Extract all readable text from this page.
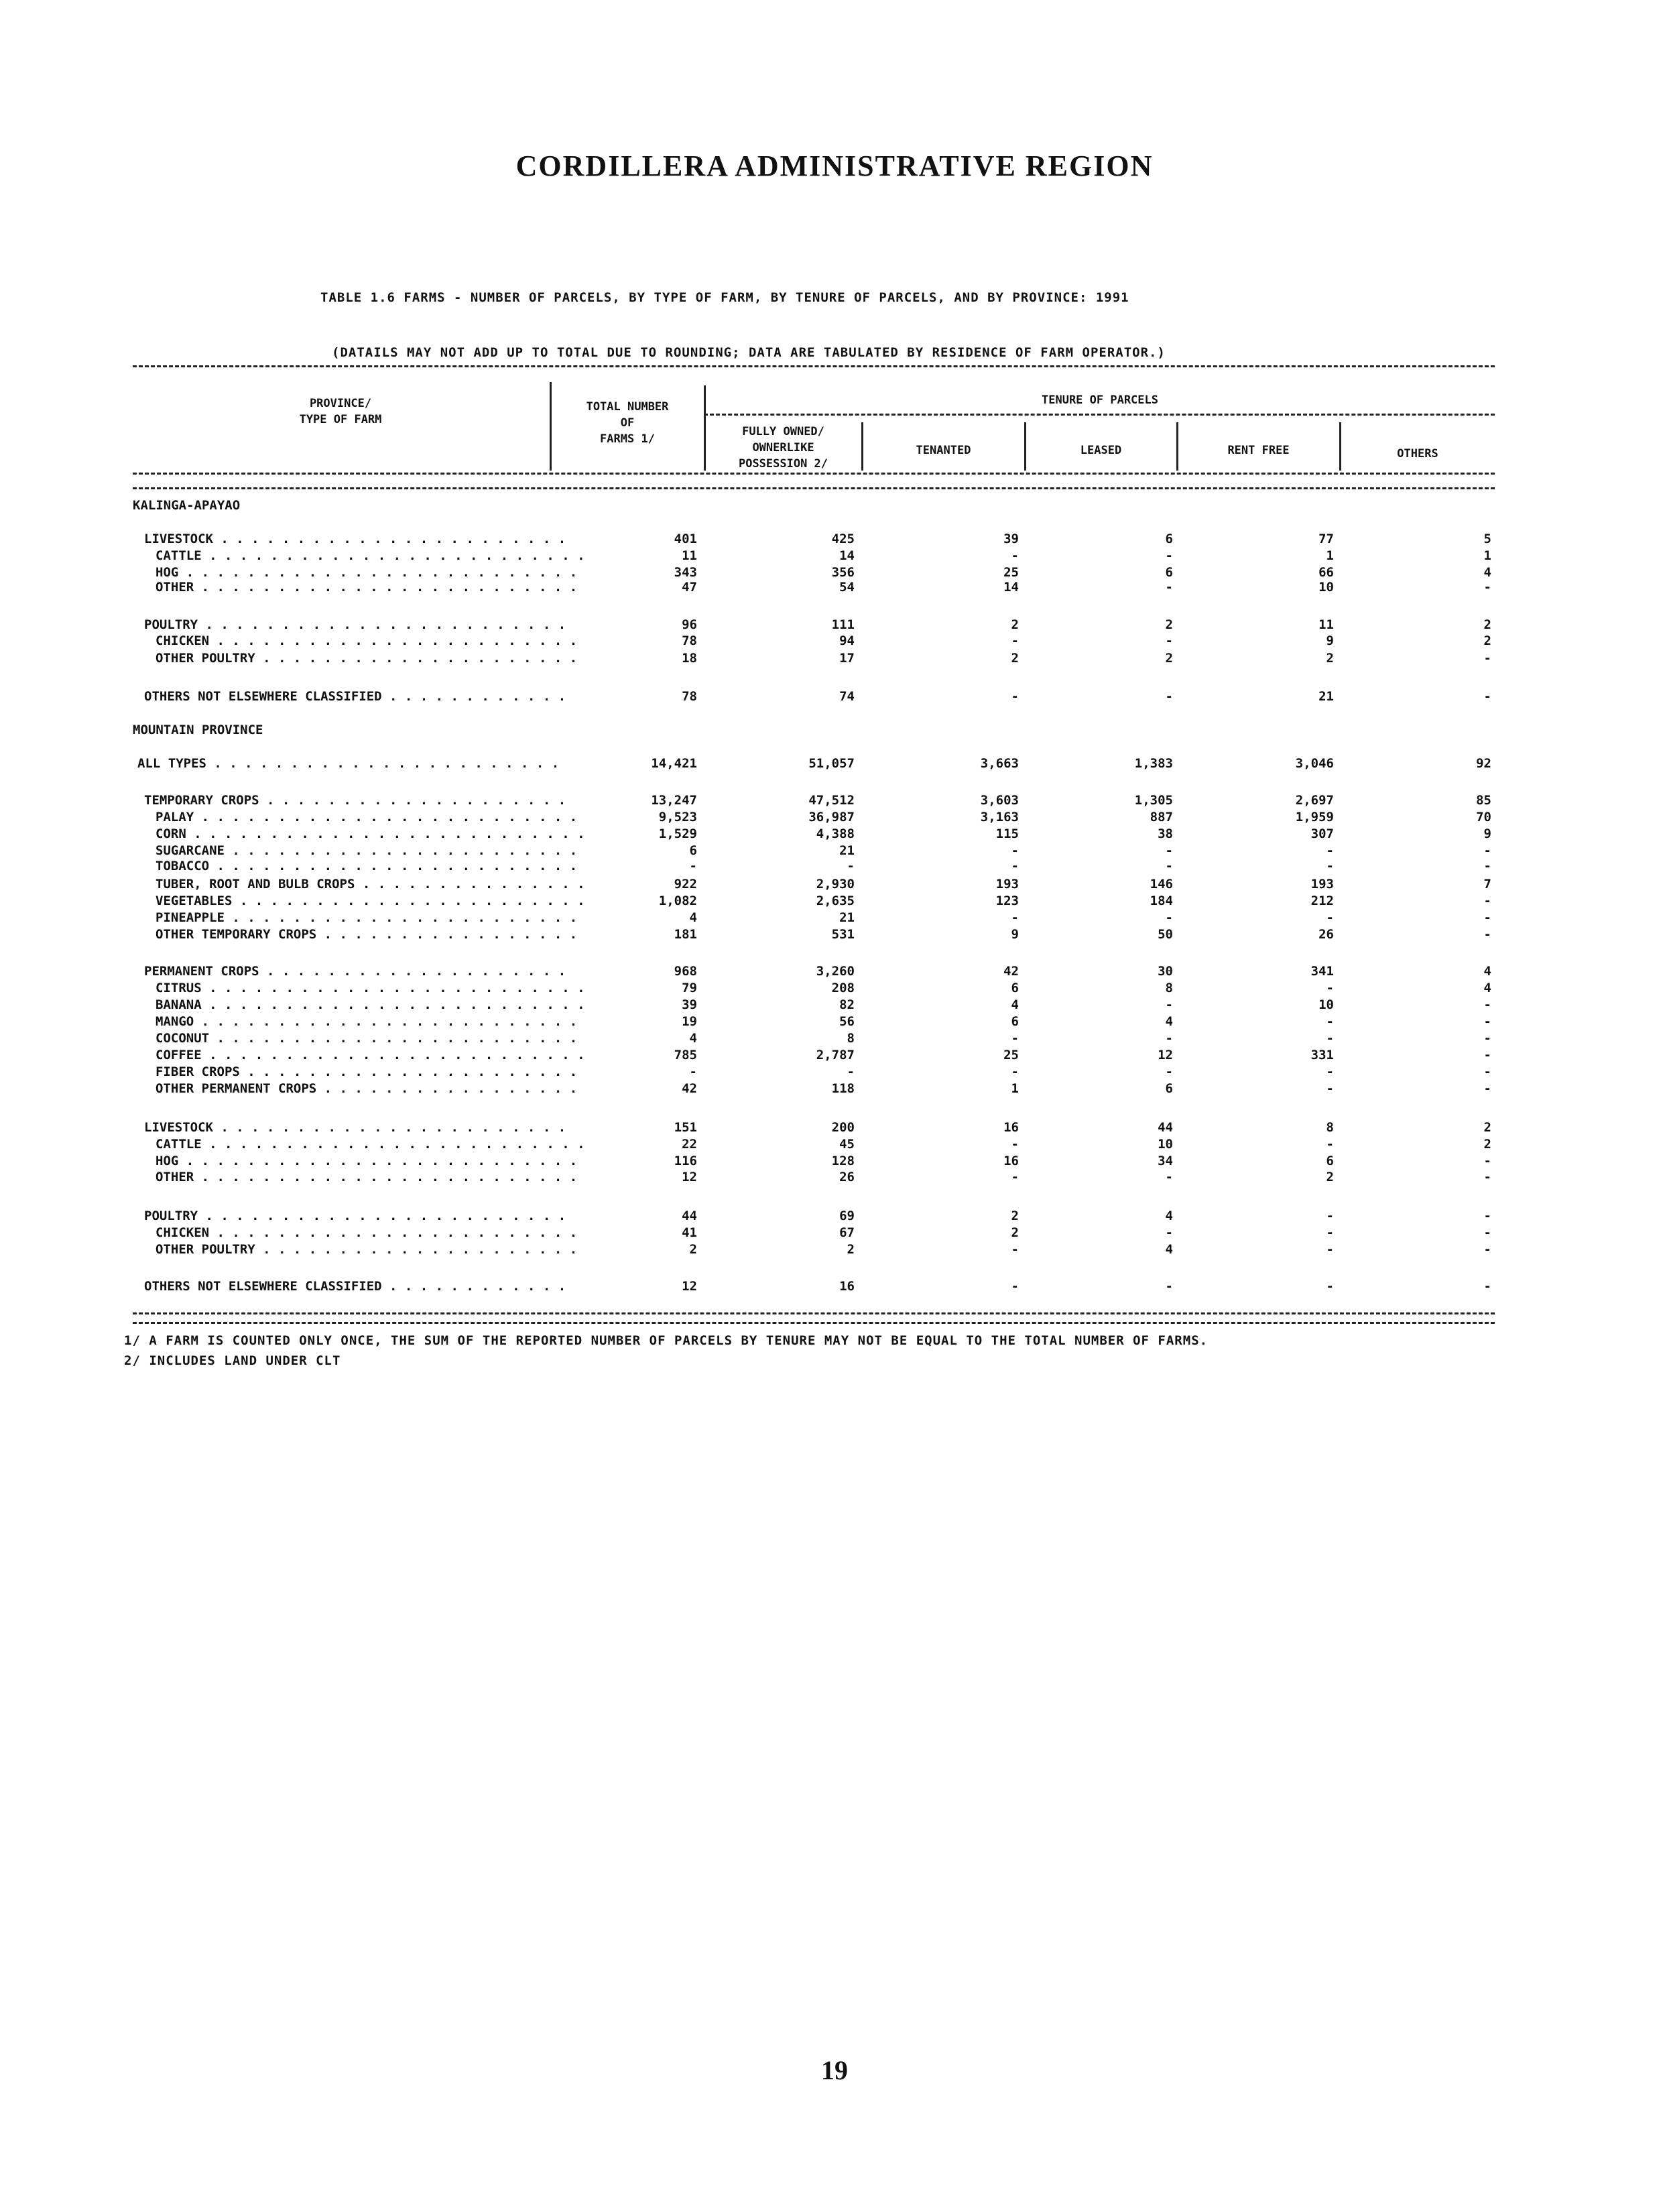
CORDILLERA ADMINISTRATIVE REGION
TABLE 1.6 FARMS - NUMBER OF PARCELS, BY TYPE OF FARM, BY TENURE OF PARCELS, AND BY PROVINCE: 1991
(DATAILS MAY NOT ADD UP TO TOTAL DUE TO ROUNDING; DATA ARE TABULATED BY RESIDENCE OF FARM OPERATOR.)
PROVINCE/
TYPE OF FARM
TOTAL NUMBER
OF
FARMS 1/
TENURE OF PARCELS
FULLY OWNED/
OWNERLIKE
POSSESSION 2/
TENANTED	LEASED	RENT FREE	OTHERS
KALINGA-APAYAO
LIVESTOCK . . .	401	425	39	6	77	5
CATTLE . . .	11	14	-	-	1	1
HOG . . .	343	356	25	6	66	4
OTHER . . .	47	54	14	-	10	-
POULTRY . . .	96	111	2	2	11	2
CHICKEN . . .	78	94	-	-	9	2
OTHER POULTRY . . .	18	17	2	2	2	-
OTHERS NOT ELSEWHERE CLASSIFIED . . .	78	74	-	-	21	-
MOUNTAIN PROVINCE
ALL TYPES . . .	14,421	51,057	3,663	1,383	3,046	92
TEMPORARY CROPS . . .	13,247	47,512	3,603	1,305	2,697	85
PALAY . . .	9,523	36,987	3,163	887	1,959	70
CORN . . .	1,529	4,388	115	38	307	9
SUGARCANE . . .	6	21	-	-	-	-
TOBACCO . . .	-	-	-	-	-	-
TUBER, ROOT AND BULB CROPS . . .	922	2,930	193	146	193	7
VEGETABLES . . .	1,082	2,635	123	184	212	-
PINEAPPLE . . .	4	21	-	-	-	-
OTHER TEMPORARY CROPS . . .	181	531	9	50	26	-
PERMANENT CROPS . . .	968	3,260	42	30	341	4
CITRUS . . .	79	208	6	8	-	4
BANANA . . .	39	82	4	-	10	-
MANGO . . .	19	56	6	4	-	-
COCONUT . . .	4	8	-	-	-	-
COFFEE . . .	785	2,787	25	12	331	-
FIBER CROPS . . .	-	-	-	-	-	-
OTHER PERMANENT CROPS . . .	42	118	1	6	-	-
LIVESTOCK . . .	151	200	16	44	8	2
CATTLE . . .	22	45	-	10	-	2
HOG . . .	116	128	16	34	6	-
OTHER . . .	12	26	-	-	2	-
POULTRY . . .	44	69	2	4	-	-
CHICKEN . . .	41	67	2	-	-	-
OTHER POULTRY . . .	2	2	-	4	-	-
OTHERS NOT ELSEWHERE CLASSIFIED . . .	12	16	-	-	-	-
1/ A FARM IS COUNTED ONLY ONCE, THE SUM OF THE REPORTED NUMBER OF PARCELS BY TENURE MAY NOT BE EQUAL TO THE TOTAL NUMBER OF FARMS.
2/ INCLUDES LAND UNDER CLT
19
